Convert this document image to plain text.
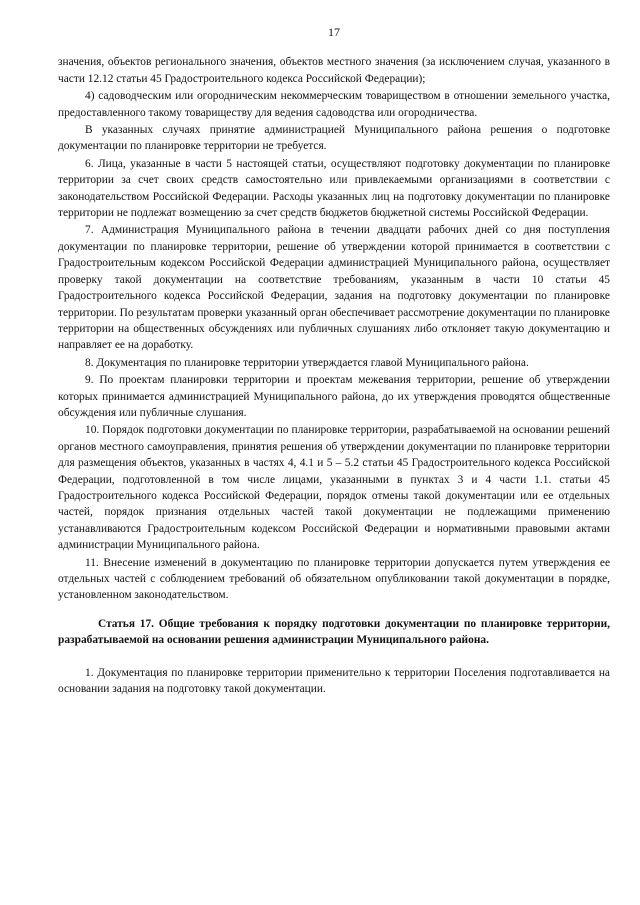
17

значения, объектов регионального значения, объектов местного значения (за исключением случая, указанного в части 12.12 статьи 45 Градостроительного кодекса Российской Федерации);

4) садоводческим или огородническим некоммерческим товариществом в отношении земельного участка, предоставленного такому товариществу для ведения садоводства или огородничества.

В указанных случаях принятие администрацией Муниципального района решения о подготовке документации по планировке территории не требуется.

6. Лица, указанные в части 5 настоящей статьи, осуществляют подготовку документации по планировке территории за счет своих средств самостоятельно или привлекаемыми организациями в соответствии с законодательством Российской Федерации. Расходы указанных лиц на подготовку документации по планировке территории не подлежат возмещению за счет средств бюджетов бюджетной системы Российской Федерации.

7. Администрация Муниципального района в течении двадцати рабочих дней со дня поступления документации по планировке территории, решение об утверждении которой принимается в соответствии с Градостроительным кодексом Российской Федерации администрацией Муниципального района, осуществляет проверку такой документации на соответствие требованиям, указанным в части 10 статьи 45 Градостроительного кодекса Российской Федерации, задания на подготовку документации по планировке территории. По результатам проверки указанный орган обеспечивает рассмотрение документации по планировке территории на общественных обсуждениях или публичных слушаниях либо отклоняет такую документацию и направляет ее на доработку.

8. Документация по планировке территории утверждается главой Муниципального района.

9. По проектам планировки территории и проектам межевания территории, решение об утверждении которых принимается администрацией Муниципального района, до их утверждения проводятся общественные обсуждения или публичные слушания.

10. Порядок подготовки документации по планировке территории, разрабатываемой на основании решений органов местного самоуправления, принятия решения об утверждении документации по планировке территории для размещения объектов, указанных в частях 4, 4.1 и 5 – 5.2 статьи 45 Градостроительного кодекса Российской Федерации, подготовленной в том числе лицами, указанными в пунктах 3 и 4 части 1.1. статьи 45 Градостроительного кодекса Российской Федерации, порядок отмены такой документации или ее отдельных частей, порядок признания отдельных частей такой документации не подлежащими применению устанавливаются Градостроительным кодексом Российской Федерации и нормативными правовыми актами администрации Муниципального района.

11. Внесение изменений в документацию по планировке территории допускается путем утверждения ее отдельных частей с соблюдением требований об обязательном опубликовании такой документации в порядке, установленном законодательством.

Статья 17. Общие требования к порядку подготовки документации по планировке территории, разрабатываемой на основании решения администрации Муниципального района.

1. Документация по планировке территории применительно к территории Поселения подготавливается на основании задания на подготовку такой документации.
